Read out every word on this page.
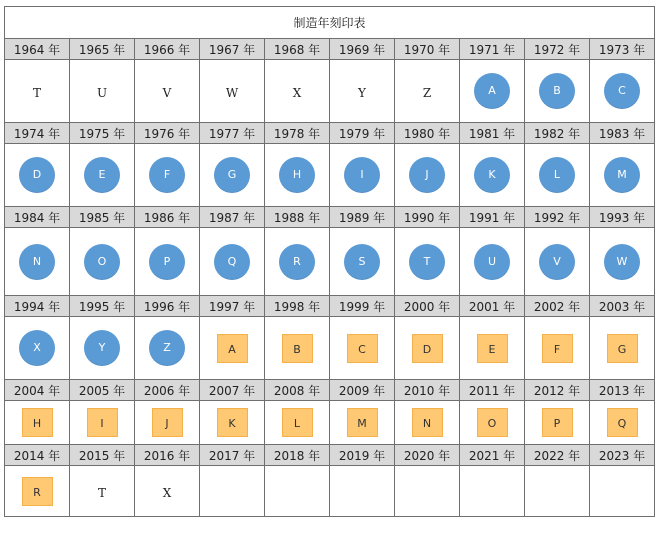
制造年刻印表									
1964 年	1965 年	1966 年	1967 年	1968 年	1969 年	1970 年	1971 年	1972 年	1973 年
T	U	V	W	X	Y	Z	A	B	C
1974 年	1975 年	1976 年	1977 年	1978 年	1979 年	1980 年	1981 年	1982 年	1983 年
D	E	F	G	H	I	J	K	L	M
1984 年	1985 年	1986 年	1987 年	1988 年	1989 年	1990 年	1991 年	1992 年	1993 年
N	O	P	Q	R	S	T	U	V	W
1994 年	1995 年	1996 年	1997 年	1998 年	1999 年	2000 年	2001 年	2002 年	2003 年
X	Y	Z	A	B	C	D	E	F	G
2004 年	2005 年	2006 年	2007 年	2008 年	2009 年	2010 年	2011 年	2012 年	2013 年
H	I	J	K	L	M	N	O	P	Q
2014 年	2015 年	2016 年	2017 年	2018 年	2019 年	2020 年	2021 年	2022 年	2023 年
R	T	X							
